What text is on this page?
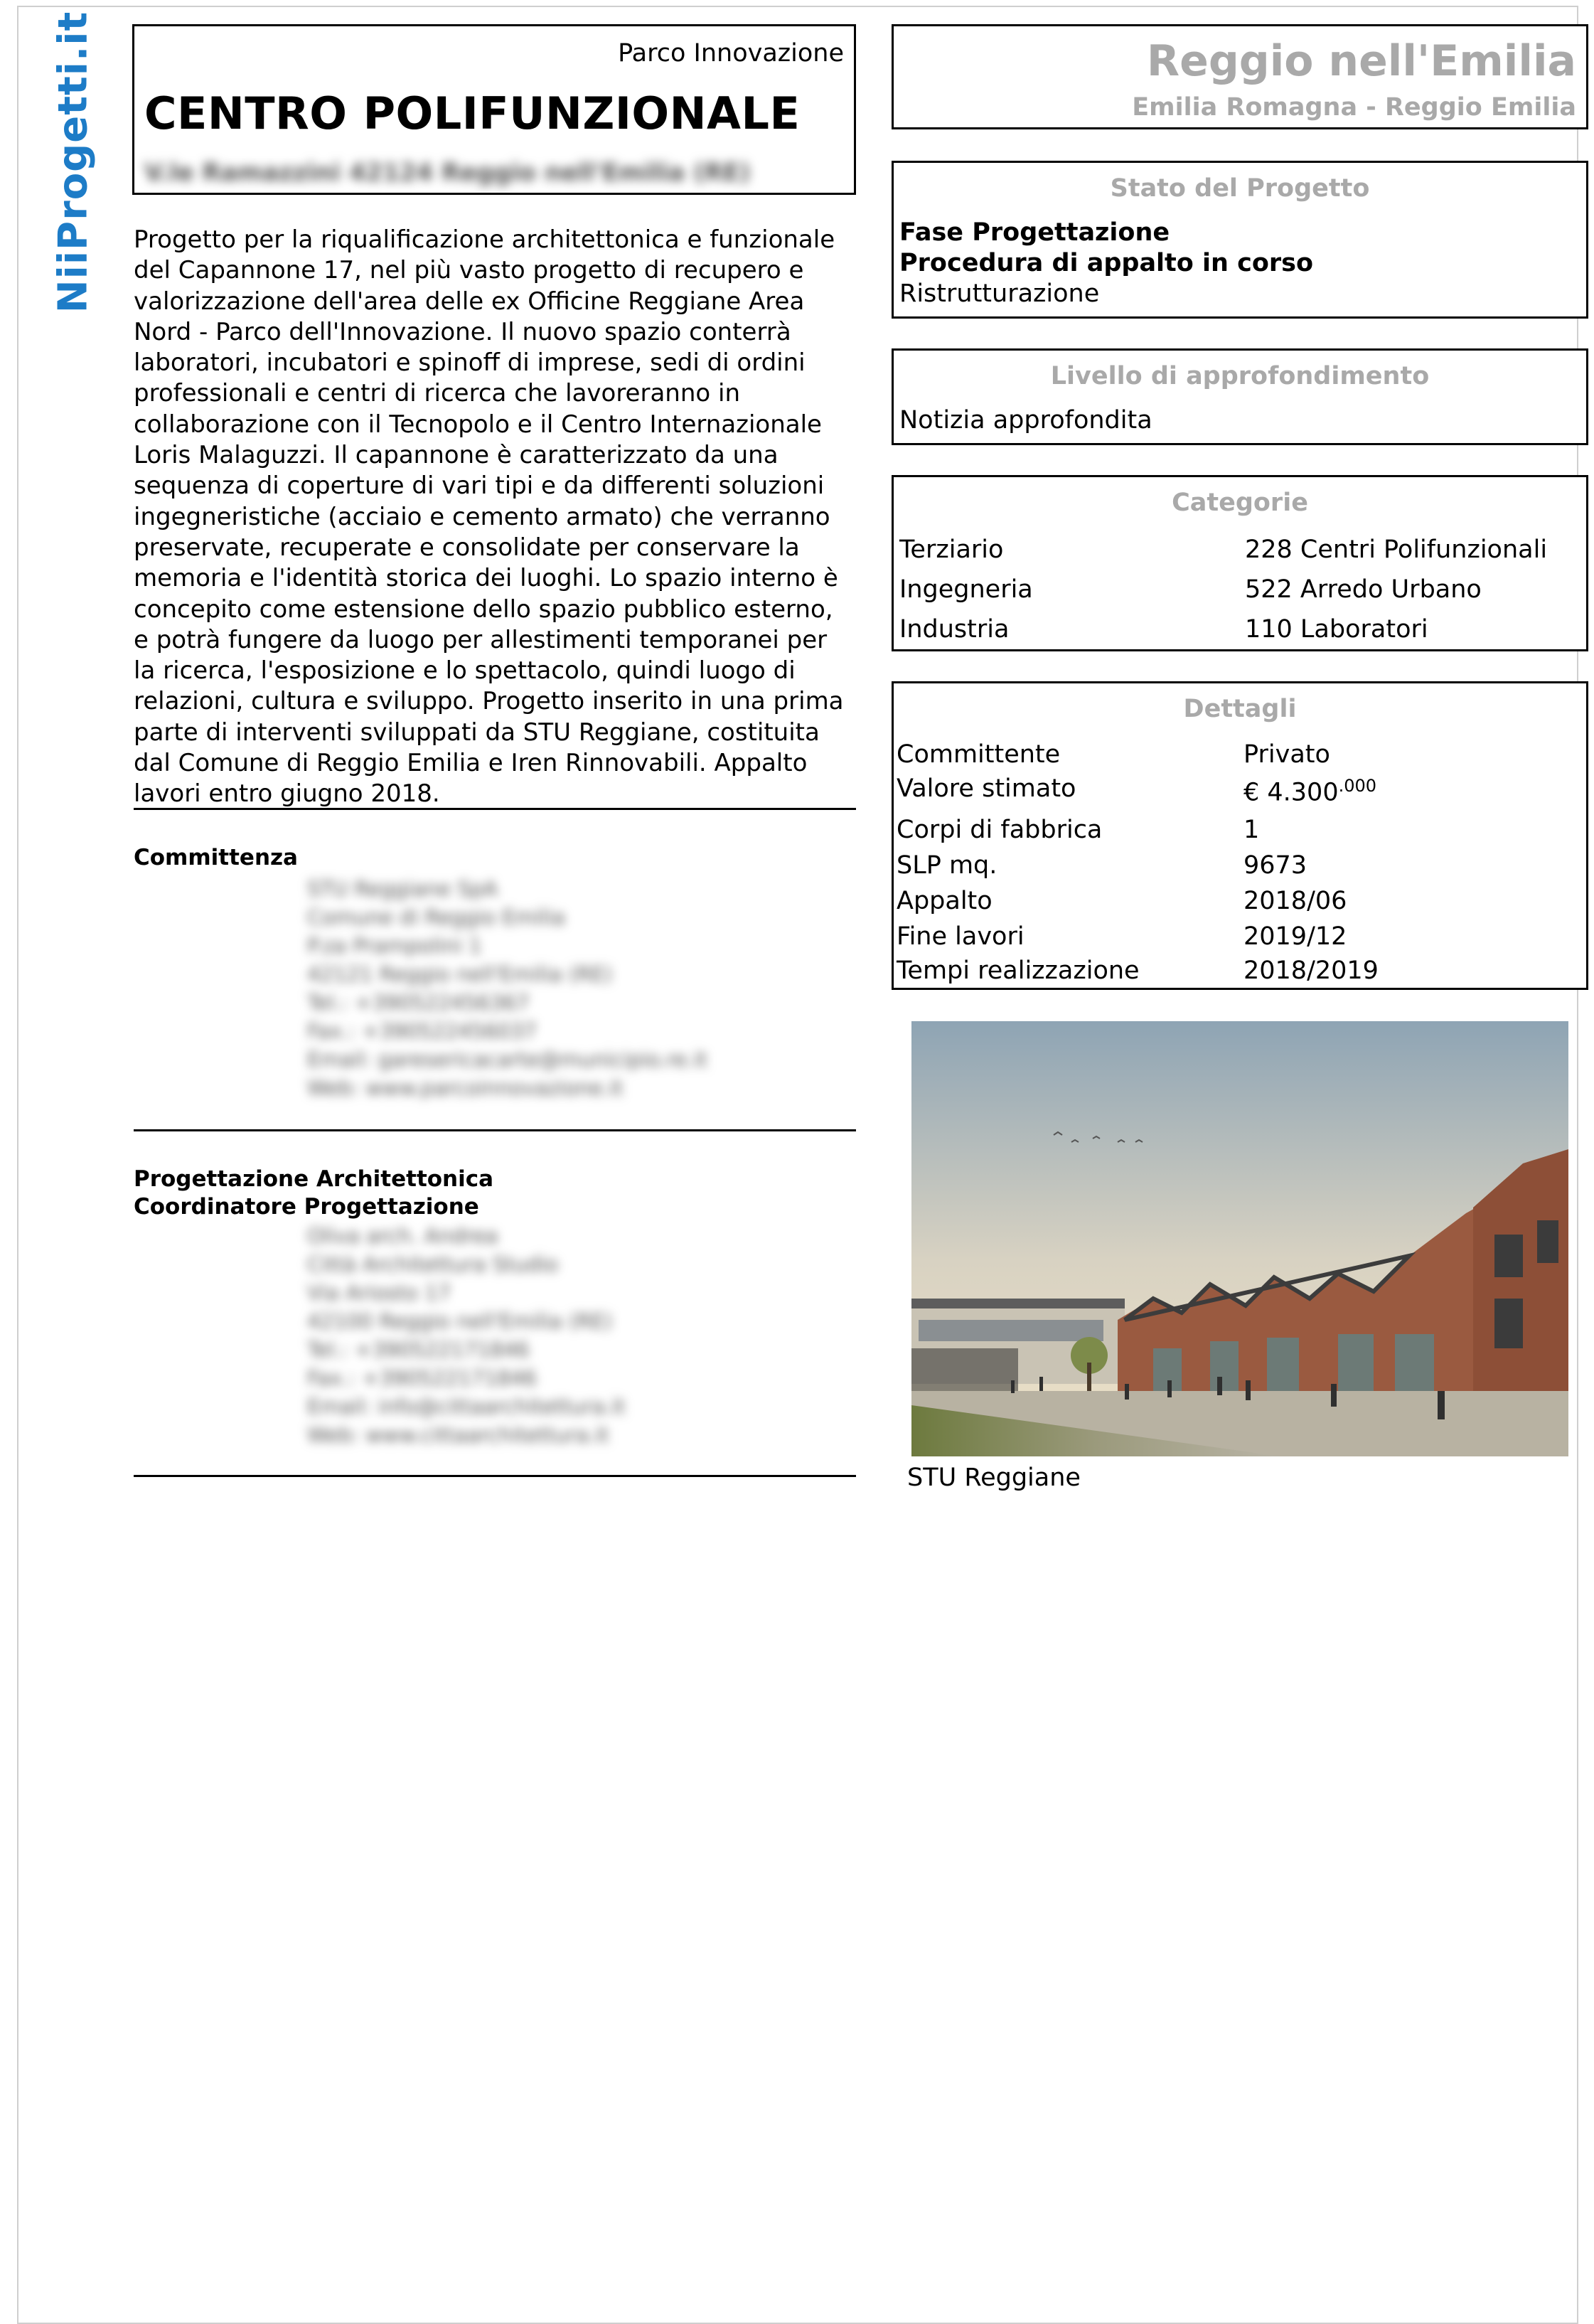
NiiProgetti.it	Parco Innovazione
CENTRO POLIFUNZIONALE
V.le Ramazzini 42124 Reggio nell'Emilia (RE)
Progetto per la riqualificazione architettonica e funzionale del Capannone 17, nel più vasto progetto di recupero e valorizzazione dell'area delle ex Officine Reggiane Area Nord - Parco dell'Innovazione. Il nuovo spazio conterrà laboratori, incubatori e spinoff di imprese, sedi di ordini professionali e centri di ricerca che lavoreranno in collaborazione con il Tecnopolo e il Centro Internazionale Loris Malaguzzi. Il capannone è caratterizzato da una sequenza di coperture di vari tipi e da differenti soluzioni ingegneristiche (acciaio e cemento armato) che verranno preservate, recuperate e consolidate per conservare la memoria e l'identità storica dei luoghi. Lo spazio interno è concepito come estensione dello spazio pubblico esterno, e potrà fungere da luogo per allestimenti temporanei per la ricerca, l'esposizione e lo spettacolo, quindi luogo di relazioni, cultura e sviluppo. Progetto inserito in una prima parte di interventi sviluppati da STU Reggiane, costituita dal Comune di Reggio Emilia e Iren Rinnovabili. Appalto lavori entro giugno 2018.
Committenza
STU Reggiane SpA
Comune di Reggio Emilia
P.za Prampolini 1
42121 Reggio nell'Emilia (RE)
Tel.: +390522456367
Fax.: +390522456037
Email: garesericacarte@municipio.re.it
Web: www.parcoinnovazione.it
Progettazione Architettonica
Coordinatore Progettazione
Oliva arch. Andrea
Città Architettura Studio
Via Ariosto 17
42100 Reggio nell'Emilia (RE)
Tel.: +390522171846
Fax.: +390522171846
Email: info@cittaarchitettura.it
Web: www.cittaarchitettura.it
Reggio nell'Emilia
Emilia Romagna - Reggio Emilia
Stato del Progetto
Fase Progettazione
Procedura di appalto in corso
Ristrutturazione
Livello di approfondimento
Notizia approfondita
Categorie
Terziario	228 Centri Polifunzionali
Ingegneria	522 Arredo Urbano
Industria	110 Laboratori
Dettagli
Committente	Privato
Valore stimato	€ $4.300^{.000}$
Corpi di fabbrica	1
SLP mq.	9673
Appalto	2018/06
Fine lavori	2019/12
Tempi realizzazione	2018/2019
STU Reggiane
